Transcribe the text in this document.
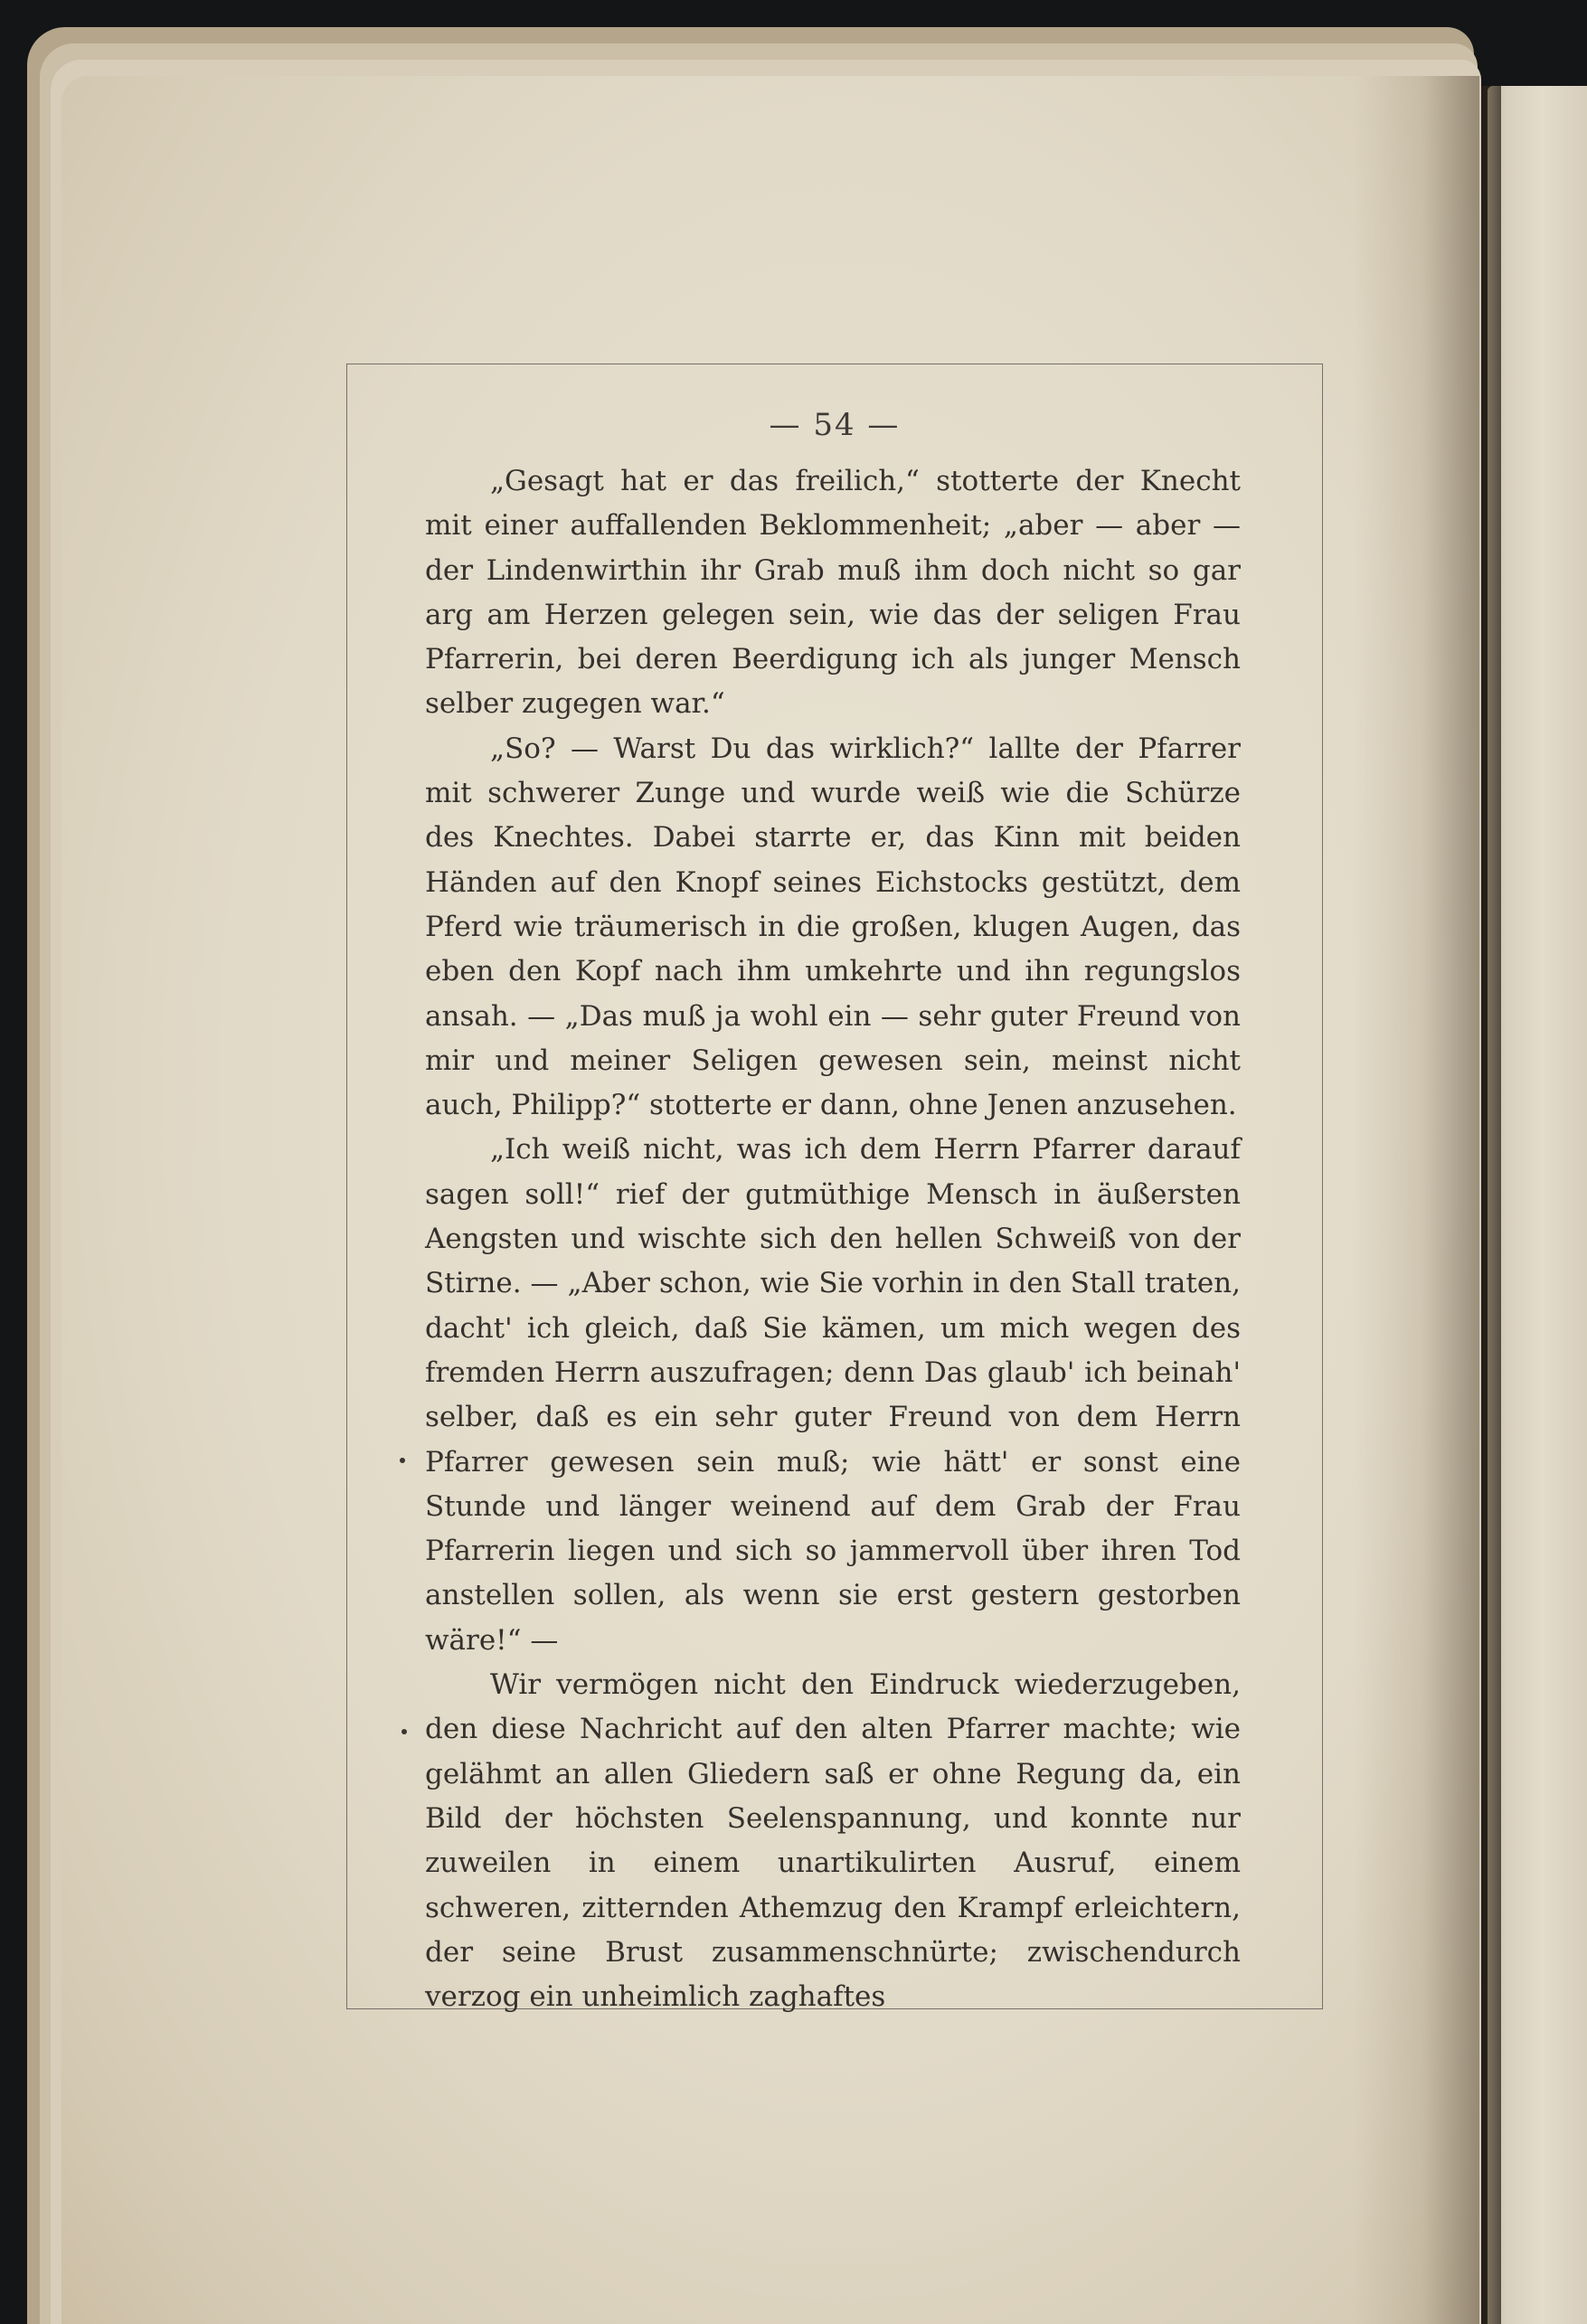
— 54 —

„Gesagt hat er das freilich,“ stotterte der Knecht mit einer auffallenden Beklommenheit; „aber — aber — der Lindenwirthin ihr Grab muß ihm doch nicht so gar arg am Herzen gelegen sein, wie das der seligen Frau Pfarrerin, bei deren Beerdigung ich als junger Mensch selber zugegen war.“

„So? — Warst Du das wirklich?“ lallte der Pfarrer mit schwerer Zunge und wurde weiß wie die Schürze des Knechtes. Dabei starrte er, das Kinn mit beiden Händen auf den Knopf seines Eichstocks gestützt, dem Pferd wie träumerisch in die großen, klugen Augen, das eben den Kopf nach ihm umkehrte und ihn regungslos ansah. — „Das muß ja wohl ein — sehr guter Freund von mir und meiner Seligen gewesen sein, meinst nicht auch, Philipp?“ stotterte er dann, ohne Jenen anzusehen.

„Ich weiß nicht, was ich dem Herrn Pfarrer darauf sagen soll!“ rief der gutmüthige Mensch in äußersten Aengsten und wischte sich den hellen Schweiß von der Stirne. — „Aber schon, wie Sie vorhin in den Stall traten, dacht' ich gleich, daß Sie kämen, um mich wegen des fremden Herrn auszufragen; denn Das glaub' ich beinah' selber, daß es ein sehr guter Freund von dem Herrn Pfarrer gewesen sein muß; wie hätt' er sonst eine Stunde und länger weinend auf dem Grab der Frau Pfarrerin liegen und sich so jammervoll über ihren Tod anstellen sollen, als wenn sie erst gestern gestorben wäre!“ —

Wir vermögen nicht den Eindruck wiederzugeben, den diese Nachricht auf den alten Pfarrer machte; wie gelähmt an allen Gliedern saß er ohne Regung da, ein Bild der höchsten Seelenspannung, und konnte nur zuweilen in einem unartikulirten Ausruf, einem schweren, zitternden Athemzug den Krampf erleichtern, der seine Brust zusammenschnürte; zwischendurch verzog ein unheimlich zaghaftes
